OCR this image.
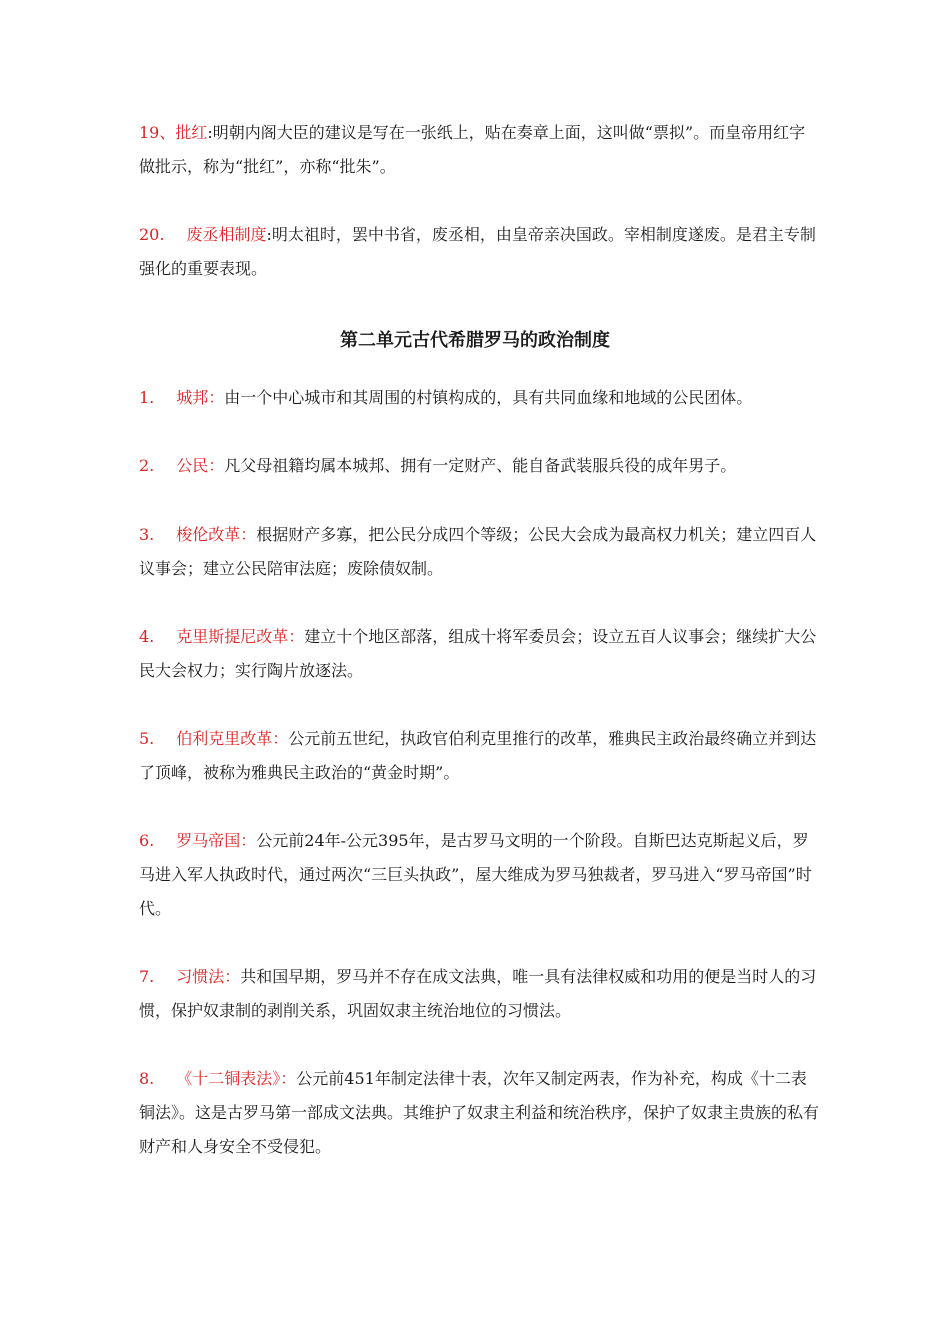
19、批红:明朝内阁大臣的建议是写在一张纸上，贴在奏章上面，这叫做“票拟”。而皇帝用红字做批示，称为“批红”，亦称“批朱”。

20. 废丞相制度:明太祖时，罢中书省，废丞相，由皇帝亲决国政。宰相制度遂废。是君主专制强化的重要表现。

第二单元古代希腊罗马的政治制度

1. 城邦：由一个中心城市和其周围的村镇构成的，具有共同血缘和地域的公民团体。

2. 公民：凡父母祖籍均属本城邦、拥有一定财产、能自备武装服兵役的成年男子。

3. 梭伦改革：根据财产多寡，把公民分成四个等级；公民大会成为最高权力机关；建立四百人议事会；建立公民陪审法庭；废除债奴制。

4. 克里斯提尼改革：建立十个地区部落，组成十将军委员会；设立五百人议事会；继续扩大公民大会权力；实行陶片放逐法。

5. 伯利克里改革：公元前五世纪，执政官伯利克里推行的改革，雅典民主政治最终确立并到达了顶峰，被称为雅典民主政治的“黄金时期”。

6. 罗马帝国：公元前24年-公元395年，是古罗马文明的一个阶段。自斯巴达克斯起义后，罗马进入军人执政时代，通过两次“三巨头执政”，屋大维成为罗马独裁者，罗马进入“罗马帝国”时代。

7. 习惯法：共和国早期，罗马并不存在成文法典，唯一具有法律权威和功用的便是当时人的习惯，保护奴隶制的剥削关系，巩固奴隶主统治地位的习惯法。

8. 《十二铜表法》：公元前451年制定法律十表，次年又制定两表，作为补充，构成《十二表铜法》。这是古罗马第一部成文法典。其维护了奴隶主利益和统治秩序，保护了奴隶主贵族的私有财产和人身安全不受侵犯。
